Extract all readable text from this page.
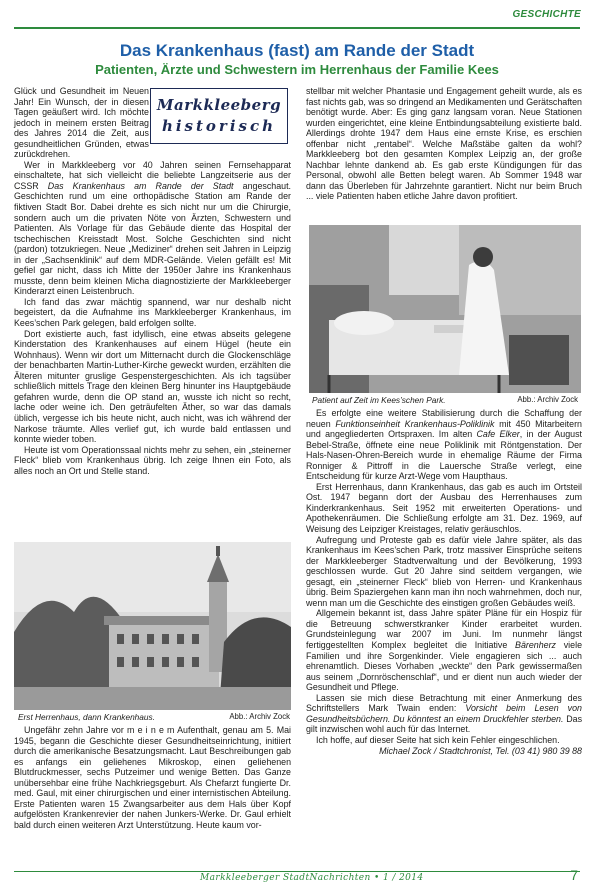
GESCHICHTE
Das Krankenhaus (fast) am Rande der Stadt
Patienten, Ärzte und Schwestern im Herrenhaus der Familie Kees

Glück und Gesundheit im Neuen Jahr! Ein Wunsch, der in diesen Tagen geäußert wird. Ich möchte jedoch in meinem ersten Beitrag des Jahres 2014 die Zeit, aus gesundheitlichen Gründen, etwas zurückdrehen.

Wer in Markkleeberg vor 40 Jahren seinen Fernsehapparat einschaltete, hat sich vielleicht die beliebte Langzeitserie aus der CSSR Das Krankenhaus am Rande der Stadt angeschaut. Geschichten rund um eine orthopädische Station am Rande der fiktiven Stadt Bor. Dabei drehte es sich nicht nur um die Chirurgie, sondern auch um die privaten Nöte von Ärzten, Schwestern und Patienten. Als Vorlage für das Gebäude diente das Hospital der tschechischen Kreisstadt Most. Solche Geschichten sind nicht (pardon) totzukriegen. Neue „Mediziner“ drehen seit Jahren in Leipzig in der „Sachsenklinik“ auf dem MDR-Gelände. Vielen gefällt es! Mit gefiel gar nicht, dass ich Mitte der 1950er Jahre ins Krankenhaus musste, denn beim kleinen Micha diagnostizierte der Markkleeberger Kinderarzt einen Leistenbruch.

Ich fand das zwar mächtig spannend, war nur deshalb nicht begeistert, da die Aufnahme ins Markkleeberger Krankenhaus, im Kees’schen Park gelegen, bald erfolgen sollte.

Dort existierte auch, fast idyllisch, eine etwas abseits gelegene Kinderstation des Krankenhauses auf einem Hügel (heute ein Wohnhaus). Wenn wir dort um Mitternacht durch die Glockenschläge der benachbarten Martin-Luther-Kirche geweckt wurden, erzählten die Älteren mitunter gruslige Gespenstergeschichten. Als ich tagsüber schließlich mittels Trage den kleinen Berg hinunter ins Hauptgebäude gefahren wurde, denn die OP stand an, wusste ich nicht so recht, lache oder weine ich. Den geträufelten Äther, so war das damals üblich, vergesse ich bis heute nicht, auch nicht, was ich während der Narkose träumte. Alles verlief gut, ich wurde bald entlassen und konnte wieder toben.

Heute ist vom Operationssaal nichts mehr zu sehen, ein „steinerner Fleck“ blieb vom Krankenhaus übrig. Ich zeige Ihnen ein Foto, als alles noch an Ort und Stelle stand.

Markkleeberg
historisch
Erst Herrenhaus, dann Krankenhaus.	Abb.: Archiv Zock

Ungefähr zehn Jahre vor m e i n e m Aufenthalt, genau am 5. Mai 1945, begann die Geschichte dieser Gesundheitseinrichtung, initiiert durch die amerikanische Besatzungsmacht. Laut Beschreibungen gab es anfangs ein geliehenes Mikroskop, einen geliehenen Blutdruckmesser, sechs Putzeimer und wenige Betten. Das Ganze unübersehbar eine frühe Nachkriegsgeburt. Als Chefarzt fungierte Dr. med. Gaul, mit einer chirurgischen und einer internistischen Abteilung. Erste Patienten waren 15 Zwangsarbeiter aus dem Hals über Kopf aufgelösten Krankenrevier der nahen Junkers-Werke. Dr. Gaul erhielt bald durch einen weiteren Arzt Unterstützung. Heute kaum vor-

stellbar mit welcher Phantasie und Engagement geheilt wurde, als es fast nichts gab, was so dringend an Medikamenten und Gerätschaften benötigt wurde. Aber: Es ging ganz langsam voran. Neue Stationen wurden eingerichtet, eine kleine Entbindungsabteilung existierte bald. Allerdings drohte 1947 dem Haus eine ernste Krise, es erschien offenbar nicht „rentabel“. Welche Maßstäbe galten da wohl? Markkleeberg bot den gesamten Komplex Leipzig an, der große Nachbar lehnte dankend ab. Es gab erste Kündigungen für das Personal, obwohl alle Betten belegt waren. Ab Sommer 1948 war dann das Überleben für Jahrzehnte garantiert. Nicht nur beim Bruch ... viele Patienten haben etliche Jahre davon profitiert.

Patient auf Zeit im Kees’schen Park.	Abb.: Archiv Zock

Es erfolgte eine weitere Stabilisierung durch die Schaffung der neuen Funktionseinheit Krankenhaus-Poliklinik mit 450 Mitarbeitern und angegliederten Ortspraxen. Im alten Cafe Elker, in der August Bebel-Straße, öffnete eine neue Poliklinik mit Röntgenstation. Der Hals-Nasen-Ohren-Bereich wurde in ehemalige Räume der Firma Ronniger & Pittroff in die Lauersche Straße verlegt, eine Entscheidung für kurze Arzt-Wege vom Haupthaus.

Erst Herrenhaus, dann Krankenhaus, das gab es auch im Ortsteil Ost. 1947 begann dort der Ausbau des Herrenhauses zum Kinderkrankenhaus. Seit 1952 mit erweiterten Operations- und Apothekenräumen. Die Schließung erfolgte am 31. Dez. 1969, auf Weisung des Leipziger Kreistages, relativ geräuschlos.

Aufregung und Proteste gab es dafür viele Jahre später, als das Krankenhaus im Kees’schen Park, trotz massiver Einsprüche seitens der Markkleeberger Stadtverwaltung und der Bevölkerung, 1993 geschlossen wurde. Gut 20 Jahre sind seitdem vergangen, wie gesagt, ein „steinerner Fleck“ blieb von Herren- und Krankenhaus übrig. Beim Spaziergehen kann man ihn noch wahrnehmen, doch nur, wenn man um die Geschichte des einstigen großen Gebäudes weiß.

Allgemein bekannt ist, dass Jahre später Pläne für ein Hospiz für die Betreuung schwerstkranker Kinder erarbeitet wurden. Grundsteinlegung war 2007 im Juni. Im nunmehr längst fertiggestellten Komplex begleitet die Initiative Bärenherz viele Familien und ihre Sorgenkinder. Viele engagieren sich ... auch ehrenamtlich. Dieses Vorhaben „weckte“ den Park gewissermaßen aus seinem „Dornröschenschlaf“, und er dient nun auch wieder der Gesundheit und Pflege.

Lassen sie mich diese Betrachtung mit einer Anmerkung des Schriftstellers Mark Twain enden: Vorsicht beim Lesen von Gesundheitsbüchern. Du könntest an einem Druckfehler sterben. Das gilt inzwischen wohl auch für das Internet.

Ich hoffe, auf dieser Seite hat sich kein Fehler eingeschlichen.

Michael Zock / Stadtchronist, Tel. (03 41) 980 39 88

Markkleeberger StadtNachrichten • 1 / 2014	7
